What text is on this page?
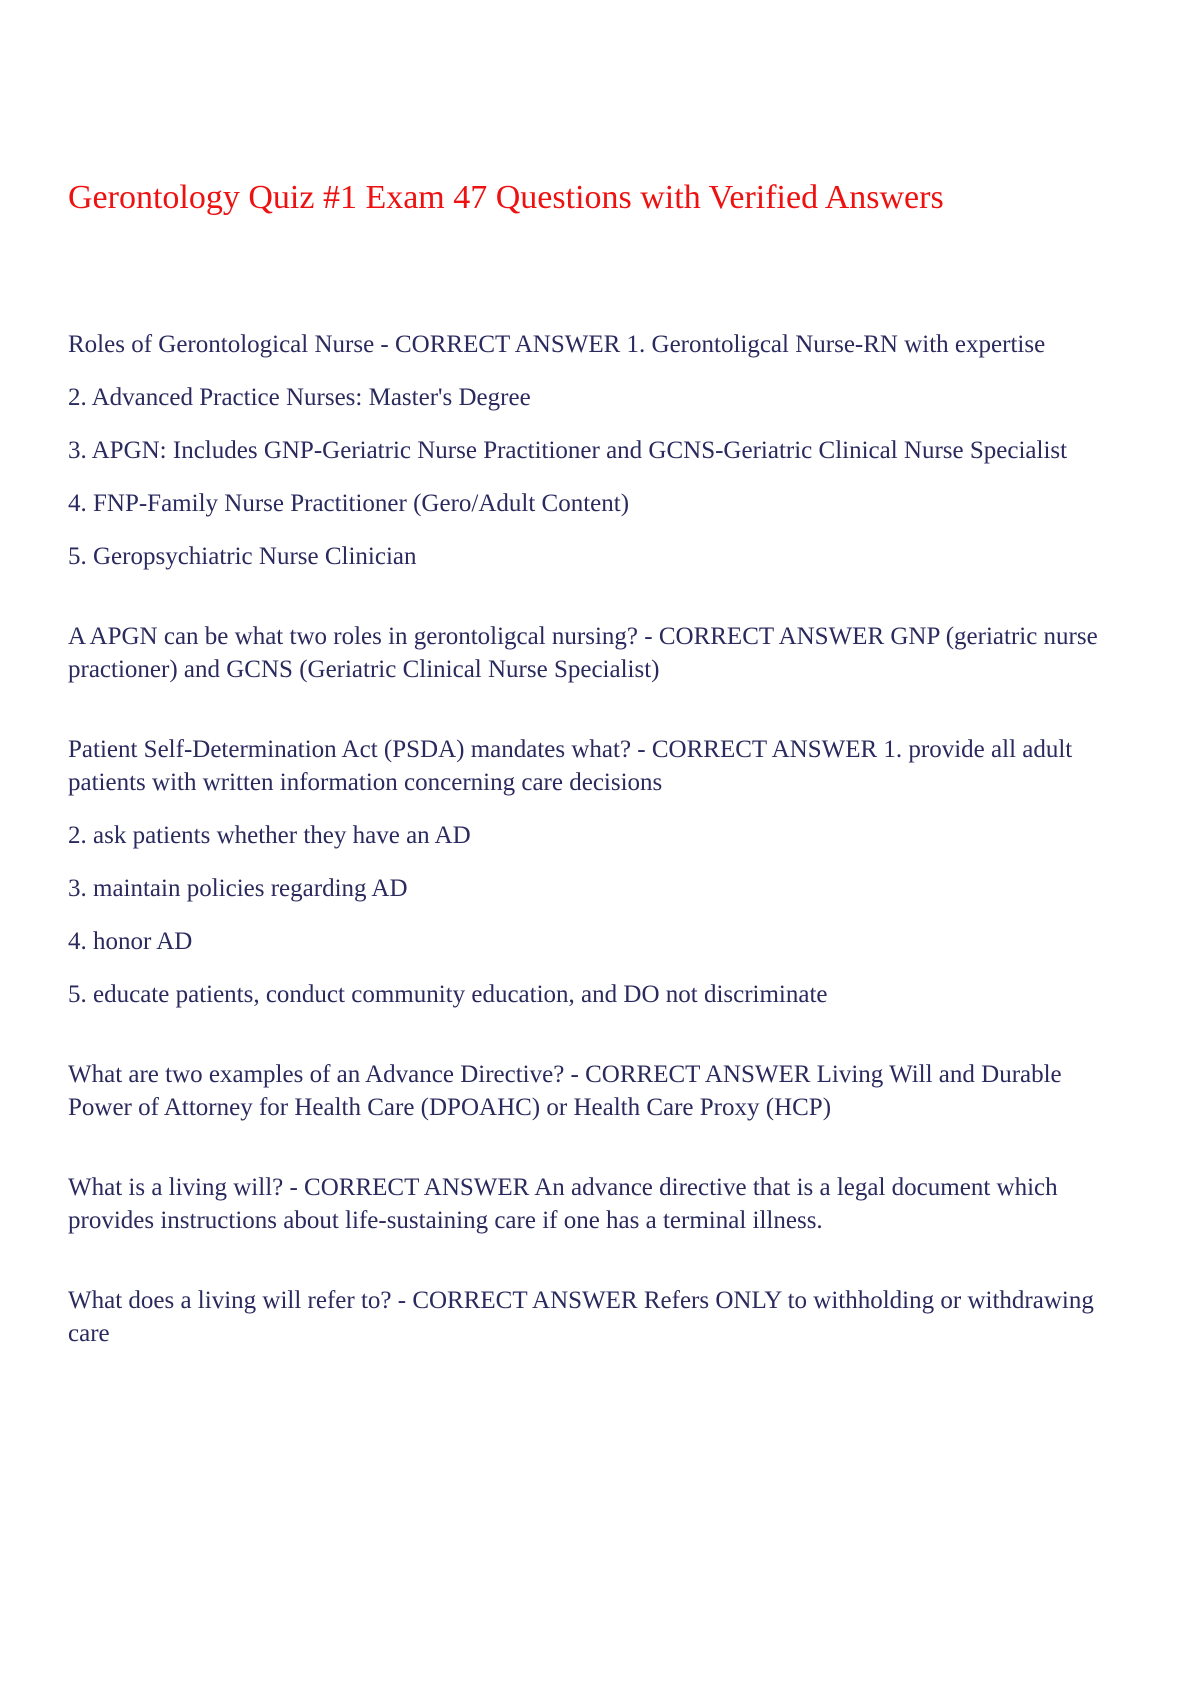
Gerontology Quiz #1 Exam 47 Questions with Verified Answers

Roles of Gerontological Nurse - CORRECT ANSWER 1. Gerontoligcal Nurse-RN with expertise

2. Advanced Practice Nurses: Master's Degree

3. APGN: Includes GNP-Geriatric Nurse Practitioner and GCNS-Geriatric Clinical Nurse Specialist

4. FNP-Family Nurse Practitioner (Gero/Adult Content)

5. Geropsychiatric Nurse Clinician

A APGN can be what two roles in gerontoligcal nursing? - CORRECT ANSWER GNP (geriatric nurse practioner) and GCNS (Geriatric Clinical Nurse Specialist)

Patient Self-Determination Act (PSDA) mandates what? - CORRECT ANSWER 1. provide all adult patients with written information concerning care decisions

2. ask patients whether they have an AD

3. maintain policies regarding AD

4. honor AD

5. educate patients, conduct community education, and DO not discriminate

What are two examples of an Advance Directive? - CORRECT ANSWER Living Will and Durable Power of Attorney for Health Care (DPOAHC) or Health Care Proxy (HCP)

What is a living will? - CORRECT ANSWER An advance directive that is a legal document which provides instructions about life-sustaining care if one has a terminal illness.

What does a living will refer to? - CORRECT ANSWER Refers ONLY to withholding or withdrawing care
